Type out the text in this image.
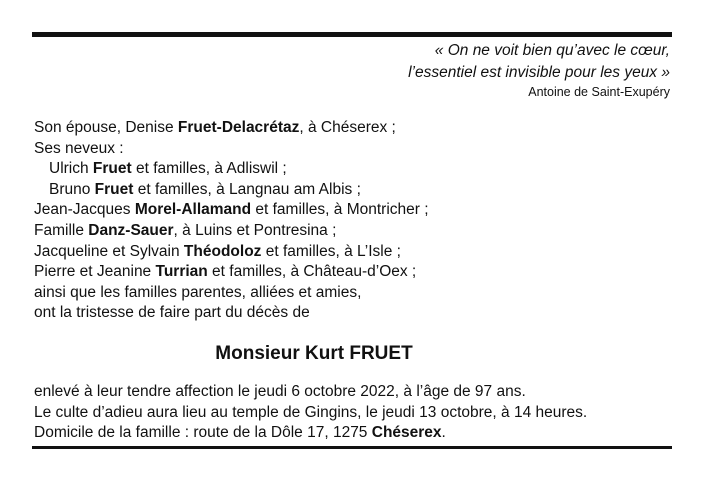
« On ne voit bien qu’avec le cœur,
l’essentiel est invisible pour les yeux »
Antoine de Saint-Exupéry
Son épouse, Denise Fruet-Delacrétaz, à Chéserex ;
Ses neveux :
Ulrich Fruet et familles, à Adliswil ;
Bruno Fruet et familles, à Langnau am Albis ;
Jean-Jacques Morel-Allamand et familles, à Montricher ;
Famille Danz-Sauer, à Luins et Pontresina ;
Jacqueline et Sylvain Théodoloz et familles, à L’Isle ;
Pierre et Jeanine Turrian et familles, à Château-d’Oex ;
ainsi que les familles parentes, alliées et amies,
ont la tristesse de faire part du décès de
Monsieur Kurt FRUET
enlevé à leur tendre affection le jeudi 6 octobre 2022, à l’âge de 97 ans.
Le culte d’adieu aura lieu au temple de Gingins, le jeudi 13 octobre, à 14 heures.
Domicile de la famille : route de la Dôle 17, 1275 Chéserex.
